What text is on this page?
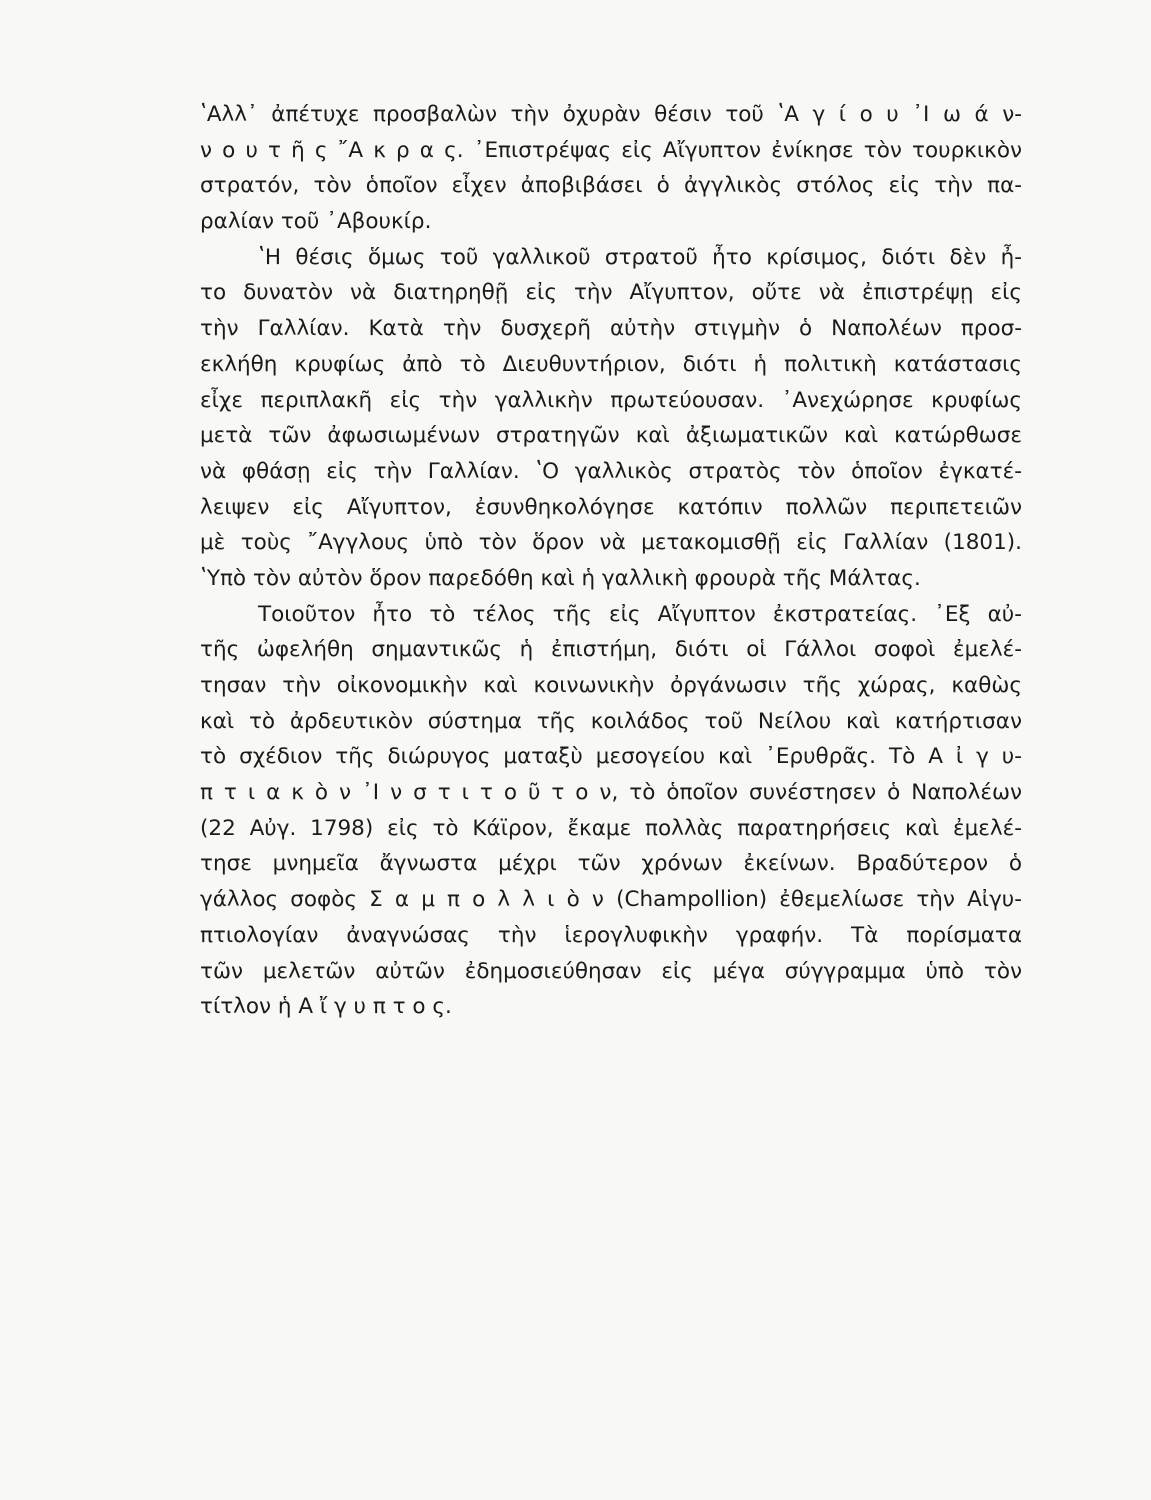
ʽΑλλ᾽ ἀπέτυχε προσβαλὼν τὴν ὀχυρὰν θέσιν τοῦ ʽΑ γ ί ο υ ᾽Ι ω ά ν-
ν ο υ τ ῆ ς ῎Α κ ρ α ς. ᾽Επιστρέψας εἰς Αἴγυπτον ἐνίκησε τὸν τουρκικὸν
στρατόν, τὸν ὁποῖον εἶχεν ἀποβιβάσει ὁ ἀγγλικὸς στόλος εἰς τὴν πα-
ραλίαν τοῦ ᾽Αβουκίρ.
ʽΗ θέσις ὅμως τοῦ γαλλικοῦ στρατοῦ ἦτο κρίσιμος, διότι δὲν ἦ-
το δυνατὸν νὰ διατηρηθῇ εἰς τὴν Αἴγυπτον, οὔτε νὰ ἐπιστρέψῃ εἰς
τὴν Γαλλίαν. Κατὰ τὴν δυσχερῆ αὐτὴν στιγμὴν ὁ Ναπολέων προσ-
εκλήθη κρυφίως ἀπὸ τὸ Διευθυντήριον, διότι ἡ πολιτικὴ κατάστασις
εἶχε περιπλακῆ εἰς τὴν γαλλικὴν πρωτεύουσαν. ᾽Ανεχώρησε κρυφίως
μετὰ τῶν ἀφωσιωμένων στρατηγῶν καὶ ἀξιωματικῶν καὶ κατώρθωσε
νὰ φθάσῃ εἰς τὴν Γαλλίαν. ʽΟ γαλλικὸς στρατὸς τὸν ὁποῖον ἐγκατέ-
λειψεν εἰς Αἴγυπτον, ἐσυνθηκολόγησε κατόπιν πολλῶν περιπετειῶν
μὲ τοὺς ῎Αγγλους ὑπὸ τὸν ὅρον νὰ μετακομισθῇ εἰς Γαλλίαν (1801).
ʽΥπὸ τὸν αὐτὸν ὅρον παρεδόθη καὶ ἡ γαλλικὴ φρουρὰ τῆς Μάλτας.
Τοιοῦτον ἦτο τὸ τέλος τῆς εἰς Αἴγυπτον ἐκστρατείας. ᾽Εξ αὐ-
τῆς ὠφελήθη σημαντικῶς ἡ ἐπιστήμη, διότι οἱ Γάλλοι σοφοὶ ἐμελέ-
τησαν τὴν οἰκονομικὴν καὶ κοινωνικὴν ὀργάνωσιν τῆς χώρας, καθὼς
καὶ τὸ ἀρδευτικὸν σύστημα τῆς κοιλάδος τοῦ Νείλου καὶ κατήρτισαν
τὸ σχέδιον τῆς διώρυγος ματαξὺ μεσογείου καὶ ᾽Ερυθρᾶς. Τὸ Α ἰ γ υ-
π τ ι α κ ὸ ν ᾽Ι ν σ τ ι τ ο ῦ τ ο ν, τὸ ὁποῖον συνέστησεν ὁ Ναπολέων
(22 Αὐγ. 1798) εἰς τὸ Κάϊρον, ἔκαμε πολλὰς παρατηρήσεις καὶ ἐμελέ-
τησε μνημεῖα ἄγνωστα μέχρι τῶν χρόνων ἐκείνων. Βραδύτερον ὁ
γάλλος σοφὸς Σ α μ π ο λ λ ι ὸ ν (Champollion) ἐθεμελίωσε τὴν Αἰγυ-
πτιολογίαν ἀναγνώσας τὴν ἱερογλυφικὴν γραφήν. Τὰ πορίσματα
τῶν μελετῶν αὐτῶν ἐδημοσιεύθησαν εἰς μέγα σύγγραμμα ὑπὸ τὸν
τίτλον ἡ Α ἴ γ υ π τ ο ς.
